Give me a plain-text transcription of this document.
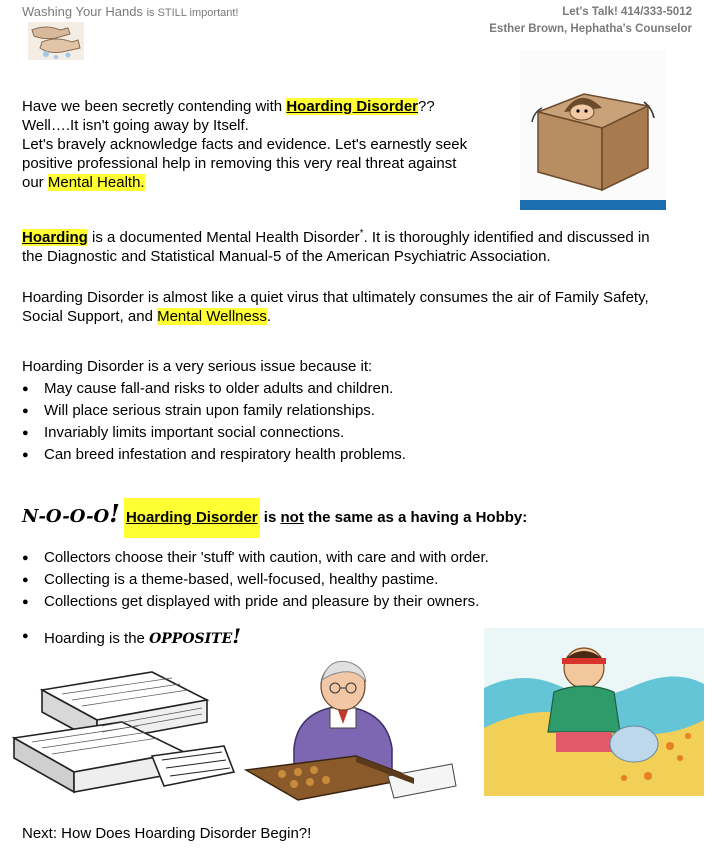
Washing Your Hands is STILL important!	Let's Talk! 414/333-5012
Esther Brown, Hephatha's Counselor
Have we been secretly contending with Hoarding Disorder??
Well….It isn't going away by Itself.
Let's bravely acknowledge facts and evidence. Let's earnestly seek
positive professional help in removing this very real threat against
our Mental Health.
Hoarding is a documented Mental Health Disorder*. It is thoroughly identified and discussed in
the Diagnostic and Statistical Manual-5 of the American Psychiatric Association.
Hoarding Disorder is almost like a quiet virus that ultimately consumes the air of Family Safety,
Social Support, and Mental Wellness.
Hoarding Disorder is a very serious issue because it:
● May cause fall-and risks to older adults and children.
● Will place serious strain upon family relationships.
● Invariably limits important social connections.
● Can breed infestation and respiratory health problems.
N-O-O-O! Hoarding Disorder is not the same as a having a Hobby:
● Collectors choose their 'stuff' with caution, with care and with order.
● Collecting is a theme-based, well-focused, healthy pastime.
● Collections get displayed with pride and pleasure by their owners.
● Hoarding is the OPPOSITE!
Next: How Does Hoarding Disorder Begin?!
